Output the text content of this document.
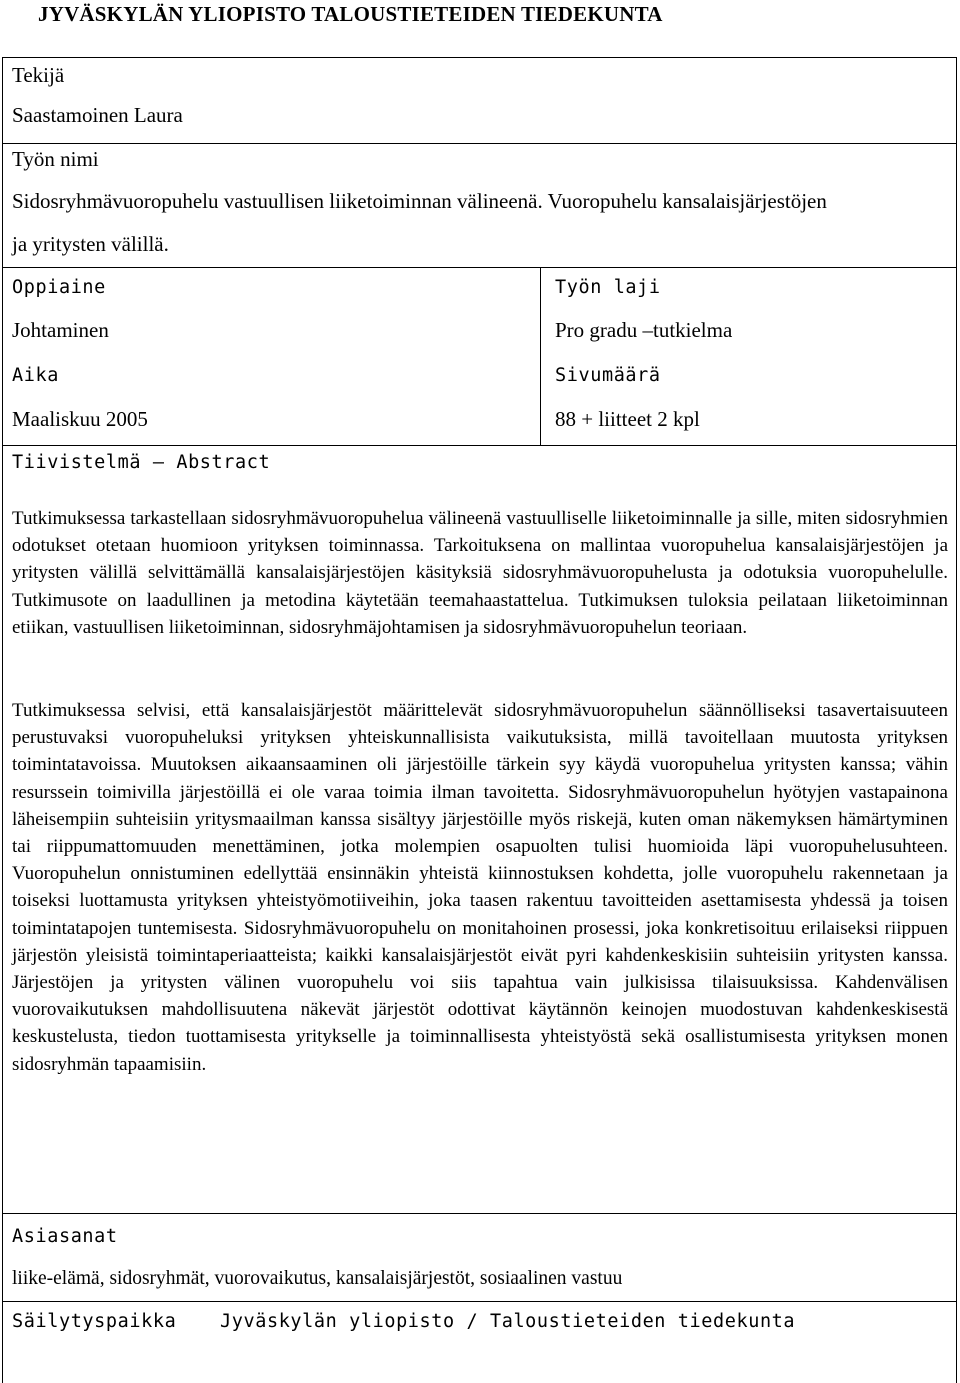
JYVÄSKYLÄN YLIOPISTO TALOUSTIETEIDEN TIEDEKUNTA
Tekijä
Saastamoinen Laura
Työn nimi
Sidosryhmävuoropuhelu vastuullisen liiketoiminnan välineenä. Vuoropuhelu kansalaisjärjestöjen
ja yritysten välillä.
Oppiaine
Johtaminen
Työn laji
Pro gradu –tutkielma
Aika
Maaliskuu 2005
Sivumäärä
88 + liitteet 2 kpl
Tiivistelmä – Abstract

Tutkimuksessa tarkastellaan sidosryhmävuoropuhelua välineenä vastuulliselle liiketoiminnalle ja sille, miten sidosryhmien odotukset otetaan huomioon yrityksen toiminnassa. Tarkoituksena on mallintaa vuoropuhelua kansalaisjärjestöjen ja yritysten välillä selvittämällä kansalaisjärjestöjen käsityksiä sidosryhmävuoropuhelusta ja odotuksia vuoropuhelulle. Tutkimusote on laadullinen ja metodina käytetään teemahaastattelua. Tutkimuksen tuloksia peilataan liiketoiminnan etiikan, vastuullisen liiketoiminnan, sidosryhmäjohtamisen ja sidosryhmävuoropuhelun teoriaan.

Tutkimuksessa selvisi, että kansalaisjärjestöt määrittelevät sidosryhmävuoropuhelun säännölliseksi tasavertaisuuteen perustuvaksi vuoropuheluksi yrityksen yhteiskunnallisista vaikutuksista, millä tavoitellaan muutosta yrityksen toimintatavoissa. Muutoksen aikaansaaminen oli järjestöille tärkein syy käydä vuoropuhelua yritysten kanssa; vähin resurssein toimivilla järjestöillä ei ole varaa toimia ilman tavoitetta. Sidosryhmävuoropuhelun hyötyjen vastapainona läheisempiin suhteisiin yritysmaailman kanssa sisältyy järjestöille myös riskejä, kuten oman näkemyksen hämärtyminen tai riippumattomuuden menettäminen, jotka molempien osapuolten tulisi huomioida läpi vuoropuhelusuhteen. Vuoropuhelun onnistuminen edellyttää ensinnäkin yhteistä kiinnostuksen kohdetta, jolle vuoropuhelu rakennetaan ja toiseksi luottamusta yrityksen yhteistyömotiiveihin, joka taasen rakentuu tavoitteiden asettamisesta yhdessä ja toisen toimintatapojen tuntemisesta. Sidosryhmävuoropuhelu on monitahoinen prosessi, joka konkretisoituu erilaiseksi riippuen järjestön yleisistä toimintaperiaatteista; kaikki kansalaisjärjestöt eivät pyri kahdenkeskisiin suhteisiin yritysten kanssa. Järjestöjen ja yritysten välinen vuoropuhelu voi siis tapahtua vain julkisissa tilaisuuksissa. Kahdenvälisen vuorovaikutuksen mahdollisuutena näkevät järjestöt odottivat käytännön keinojen muodostuvan kahdenkeskisestä keskustelusta, tiedon tuottamisesta yritykselle ja toiminnallisesta yhteistyöstä sekä osallistumisesta yrityksen monen sidosryhmän tapaamisiin.

Asiasanat
liike-elämä, sidosryhmät, vuorovaikutus, kansalaisjärjestöt, sosiaalinen vastuu
Säilytyspaikka Jyväskylän yliopisto / Taloustieteiden tiedekunta
